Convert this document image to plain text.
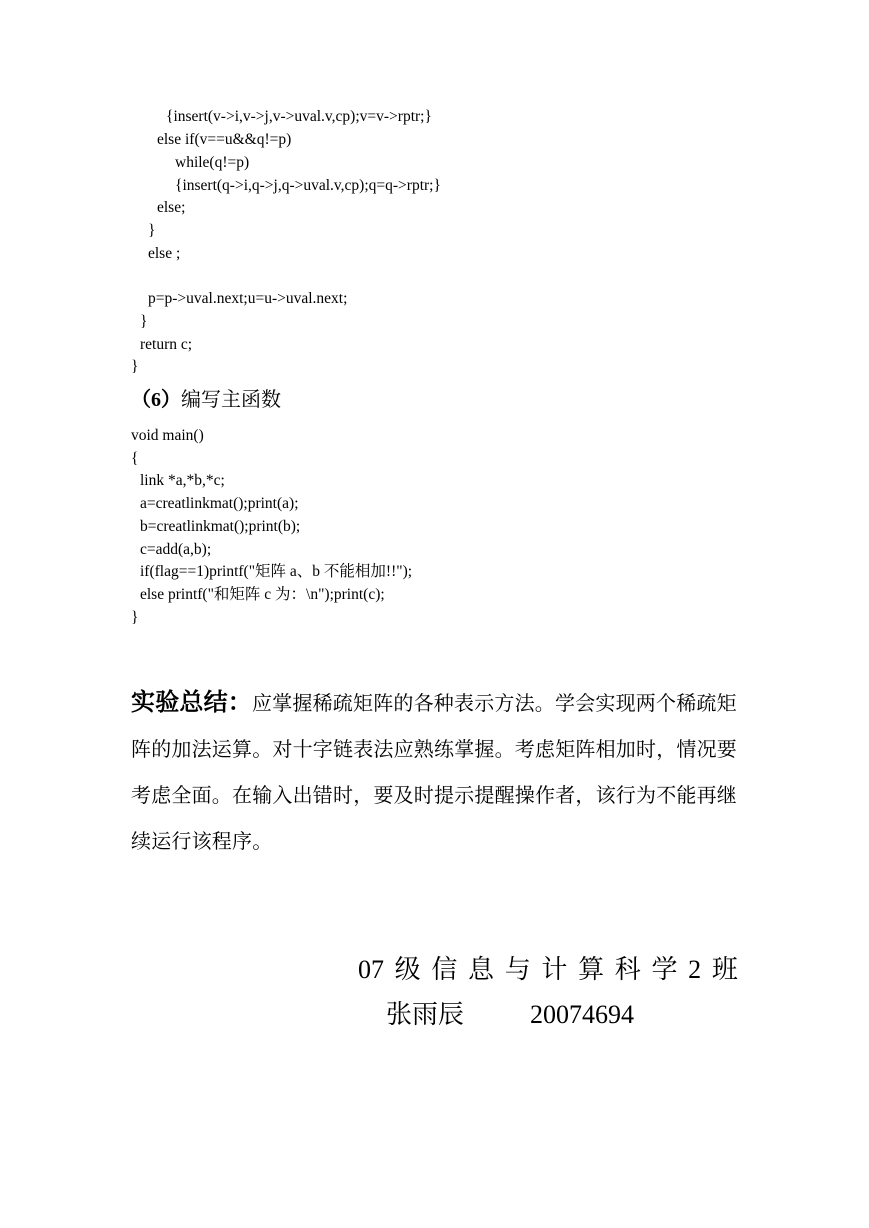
{insert(v->i,v->j,v->uval.v,cp);v=v->rptr;}
else if(v==u&&q!=p)
while(q!=p)
{insert(q->i,q->j,q->uval.v,cp);q=q->rptr;}
else;
}
else ;
p=p->uval.next;u=u->uval.next;
}
return c;
}
（6）编写主函数
void main()
{
link *a,*b,*c;
a=creatlinkmat();print(a);
b=creatlinkmat();print(b);
c=add(a,b);
if(flag==1)printf("矩阵 a、b 不能相加!!");
else printf("和矩阵 c 为：\n");print(c);
}
实验总结：应掌握稀疏矩阵的各种表示方法。学会实现两个稀疏矩阵的加法运算。对十字链表法应熟练掌握。考虑矩阵相加时，情况要考虑全面。在输入出错时，要及时提示提醒操作者，该行为不能再继续运行该程序。
07 级 信 息 与 计 算 科 学 2 班
张雨辰	20074694
